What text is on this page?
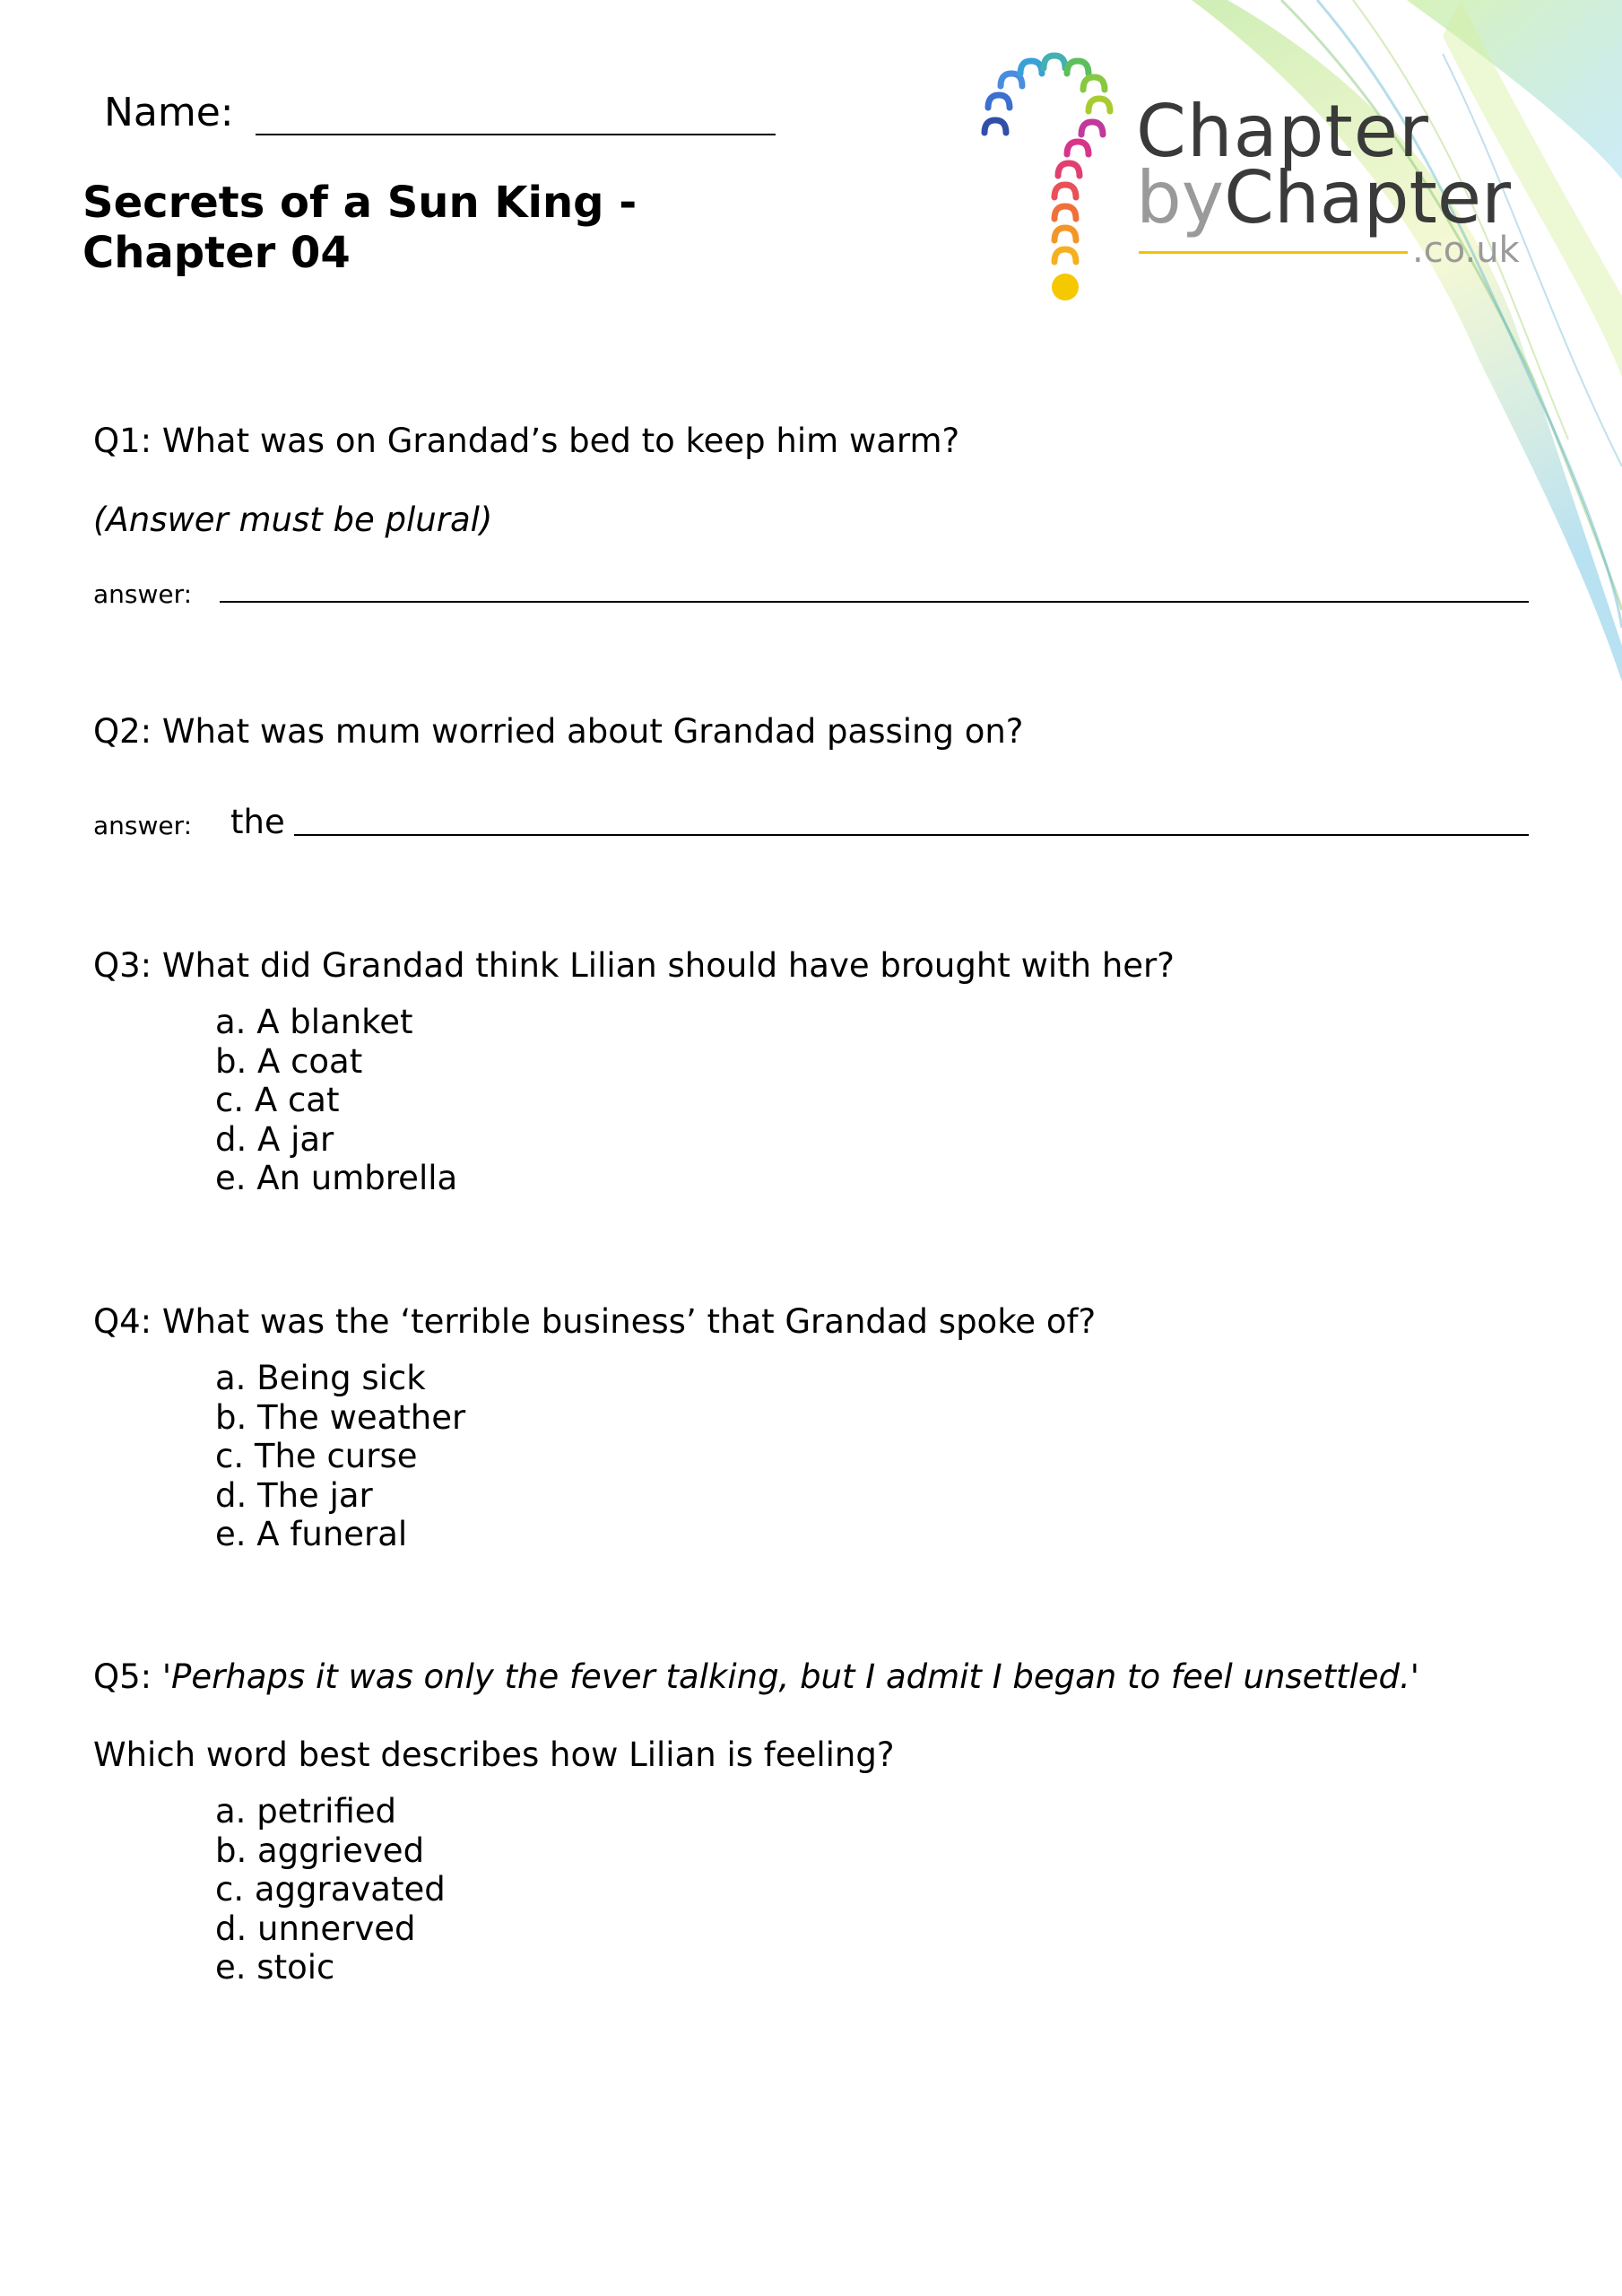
Name:
Secrets of a Sun King -
Chapter 04
Chapter
byChapter
.co.uk
Q1: What was on Grandad’s bed to keep him warm?
(Answer must be plural)
answer:
Q2: What was mum worried about Grandad passing on?
answer: the
Q3: What did Grandad think Lilian should have brought with her?
a. A blanket
b. A coat
c. A cat
d. A jar
e. An umbrella
Q4: What was the ‘terrible business’ that Grandad spoke of?
a. Being sick
b. The weather
c. The curse
d. The jar
e. A funeral
Q5: 'Perhaps it was only the fever talking, but I admit I began to feel unsettled.'
Which word best describes how Lilian is feeling?
a. petrified
b. aggrieved
c. aggravated
d. unnerved
e. stoic
